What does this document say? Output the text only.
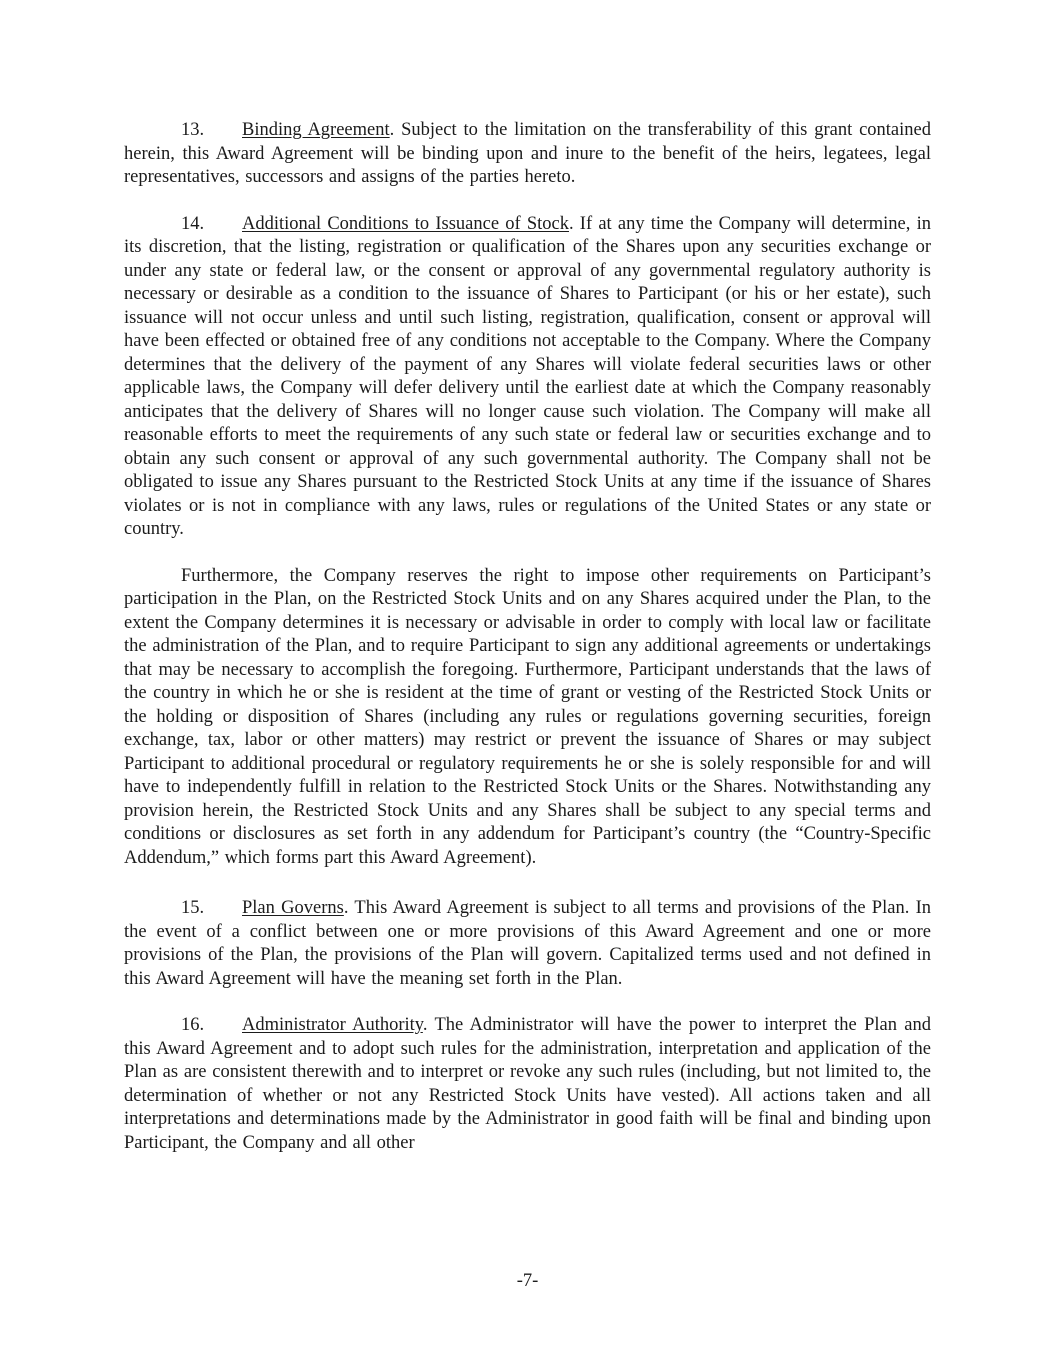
13. Binding Agreement. Subject to the limitation on the transferability of this grant contained herein, this Award Agreement will be binding upon and inure to the benefit of the heirs, legatees, legal representatives, successors and assigns of the parties hereto.

14. Additional Conditions to Issuance of Stock. If at any time the Company will determine, in its discretion, that the listing, registration or qualification of the Shares upon any securities exchange or under any state or federal law, or the consent or approval of any governmental regulatory authority is necessary or desirable as a condition to the issuance of Shares to Participant (or his or her estate), such issuance will not occur unless and until such listing, registration, qualification, consent or approval will have been effected or obtained free of any conditions not acceptable to the Company. Where the Company determines that the delivery of the payment of any Shares will violate federal securities laws or other applicable laws, the Company will defer delivery until the earliest date at which the Company reasonably anticipates that the delivery of Shares will no longer cause such violation. The Company will make all reasonable efforts to meet the requirements of any such state or federal law or securities exchange and to obtain any such consent or approval of any such governmental authority. The Company shall not be obligated to issue any Shares pursuant to the Restricted Stock Units at any time if the issuance of Shares violates or is not in compliance with any laws, rules or regulations of the United States or any state or country.

Furthermore, the Company reserves the right to impose other requirements on Participant’s participation in the Plan, on the Restricted Stock Units and on any Shares acquired under the Plan, to the extent the Company determines it is necessary or advisable in order to comply with local law or facilitate the administration of the Plan, and to require Participant to sign any additional agreements or undertakings that may be necessary to accomplish the foregoing. Furthermore, Participant understands that the laws of the country in which he or she is resident at the time of grant or vesting of the Restricted Stock Units or the holding or disposition of Shares (including any rules or regulations governing securities, foreign exchange, tax, labor or other matters) may restrict or prevent the issuance of Shares or may subject Participant to additional procedural or regulatory requirements he or she is solely responsible for and will have to independently fulfill in relation to the Restricted Stock Units or the Shares. Notwithstanding any provision herein, the Restricted Stock Units and any Shares shall be subject to any special terms and conditions or disclosures as set forth in any addendum for Participant’s country (the “Country-Specific Addendum,” which forms part this Award Agreement).

15. Plan Governs. This Award Agreement is subject to all terms and provisions of the Plan. In the event of a conflict between one or more provisions of this Award Agreement and one or more provisions of the Plan, the provisions of the Plan will govern. Capitalized terms used and not defined in this Award Agreement will have the meaning set forth in the Plan.

16. Administrator Authority. The Administrator will have the power to interpret the Plan and this Award Agreement and to adopt such rules for the administration, interpretation and application of the Plan as are consistent therewith and to interpret or revoke any such rules (including, but not limited to, the determination of whether or not any Restricted Stock Units have vested). All actions taken and all interpretations and determinations made by the Administrator in good faith will be final and binding upon Participant, the Company and all other

-7-
